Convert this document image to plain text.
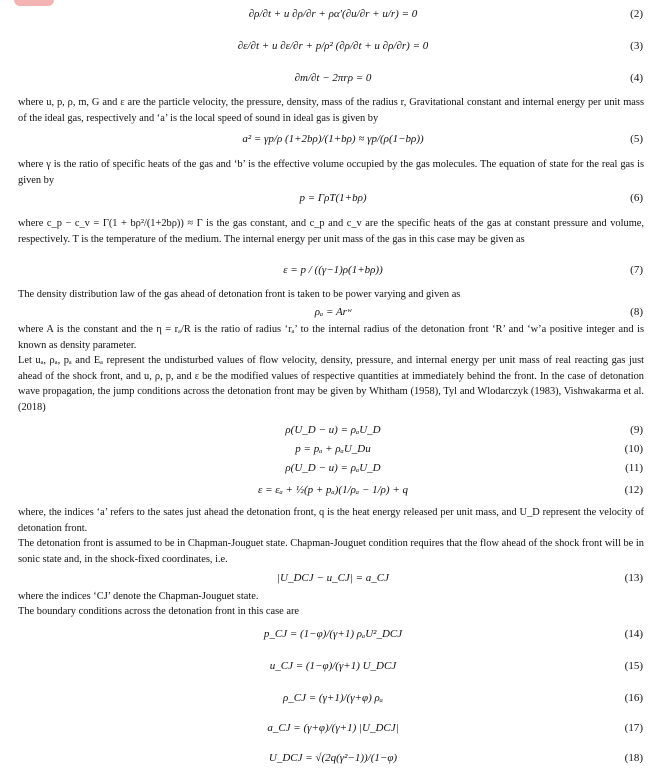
∂ρ/∂t + u ∂ρ/∂r + ρα′(∂u/∂r + u/r) = 0	(2)
∂ε/∂t + u ∂ε/∂r + p/ρ² (∂ρ/∂t + u ∂ρ/∂r) = 0	(3)
∂m/∂t − 2πrρ = 0	(4)
where u, p, ρ, m, G and ε are the particle velocity, the pressure, density, mass of the radius r, Gravitational constant and internal energy per unit mass of the ideal gas, respectively and ‘a’ is the local speed of sound in ideal gas is given by
a² = γp/ρ (1+2bρ)/(1+bρ) ≈ γp/(ρ(1−bρ))	(5)
where γ is the ratio of specific heats of the gas and ‘b’ is the effective volume occupied by the gas molecules. The equation of state for the real gas is given by
p = ΓρT(1+bρ)	(6)
where c_p − c_v = Γ(1 + bρ²/(1+2bρ)) ≈ Γ is the gas constant, and c_p and c_v are the specific heats of the gas at constant pressure and volume, respectively. T is the temperature of the medium. The internal energy per unit mass of the gas in this case may be given as
ε = p / ((γ−1)ρ(1+bρ))	(7)
The density distribution law of the gas ahead of detonation front is taken to be power varying and given as
ρₐ = Arʷ	(8)
where A is the constant and the η = rₐ/R is the ratio of radius ‘rₐ’ to the internal radius of the detonation front ‘R’ and ‘w’a positive integer and is known as density parameter.
Let uₐ, ρₐ, pₐ and Eₐ represent the undisturbed values of flow velocity, density, pressure, and internal energy per unit mass of real reacting gas just ahead of the shock front, and u, ρ, p, and ε be the modified values of respective quantities at immediately behind the front. In the case of detonation wave propagation, the jump conditions across the detonation front may be given by Whitham (1958), Tyl and Wlodarczyk (1983), Vishwakarma et al. (2018)
ρ(U_D − u) = ρₐU_D	(9)
p = pₐ + ρₐU_Du	(10)
ρ(U_D − u) = ρₐU_D	(11)
ε = εₐ + ½(p + pₐ)(1/ρₐ − 1/ρ) + q	(12)
where, the indices ‘a’ refers to the sates just ahead the detonation front, q is the heat energy released per unit mass, and U_D represent the velocity of detonation front.
The detonation front is assumed to be in Chapman-Jouguet state. Chapman-Jouguet condition requires that the flow ahead of the shock front will be in sonic state and, in the shock-fixed coordinates, i.e.
|U_DCJ − u_CJ| = a_CJ	(13)
where the indices ‘CJ’ denote the Chapman-Jouguet state.
The boundary conditions across the detonation front in this case are
p_CJ = (1−φ)/(γ+1) ρₐU²_DCJ	(14)
u_CJ = (1−φ)/(γ+1) U_DCJ	(15)
ρ_CJ = (γ+1)/(γ+φ) ρₐ	(16)
a_CJ = (γ+φ)/(γ+1) |U_DCJ|	(17)
U_DCJ = √(2q(γ²−1))/(1−φ)	(18)
